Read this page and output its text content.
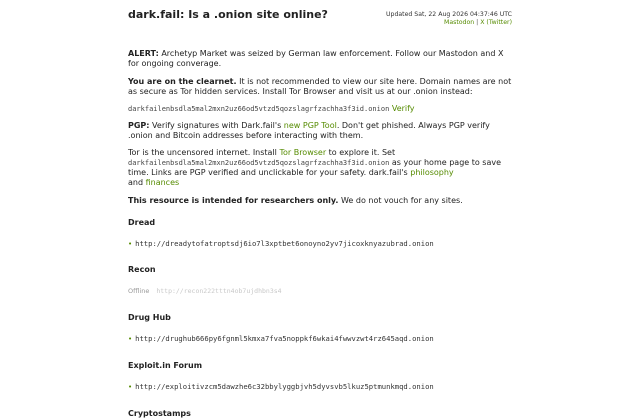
dark.fail: Is a .onion site online?	Updated Sat, 22 Aug 2026 04:37:46 UTC
Mastodon | X (Twitter)

ALERT: Archetyp Market was seized by German law enforcement. Follow our Mastodon and X for ongoing converage.

You are on the clearnet. It is not recommended to view our site here. Domain names are not as secure as Tor hidden services. Install Tor Browser and visit us at our .onion instead:

darkfailenbsdla5mal2mxn2uz66od5vtzd5qozslagrfzachha3f3id.onion Verify

PGP: Verify signatures with Dark.fail's new PGP Tool. Don't get phished. Always PGP verify .onion and Bitcoin addresses before interacting with them.

Tor is the uncensored internet. Install Tor Browser to explore it. Set darkfailenbsdla5mal2mxn2uz66od5vtzd5qozslagrfzachha3f3id.onion as your home page to save time. Links are PGP verified and unclickable for your safety. dark.fail's philosophy
and finances

This resource is intended for researchers only. We do not vouch for any sites.

Dread
• http://dreadytofatroptsdj6io7l3xptbet6onoyno2yv7jicoxknyazubrad.onion
Recon
Offline http://recon222tttn4ob7ujdhbn3s4
Drug Hub
• http://drughub666py6fgnml5kmxa7fva5noppkf6wkai4fwwvzwt4rz645aqd.onion
Exploit.in Forum
• http://exploitivzcm5dawzhe6c32bbylyggbjvh5dyvsvb5lkuz5ptmunkmqd.onion
Cryptostamps
